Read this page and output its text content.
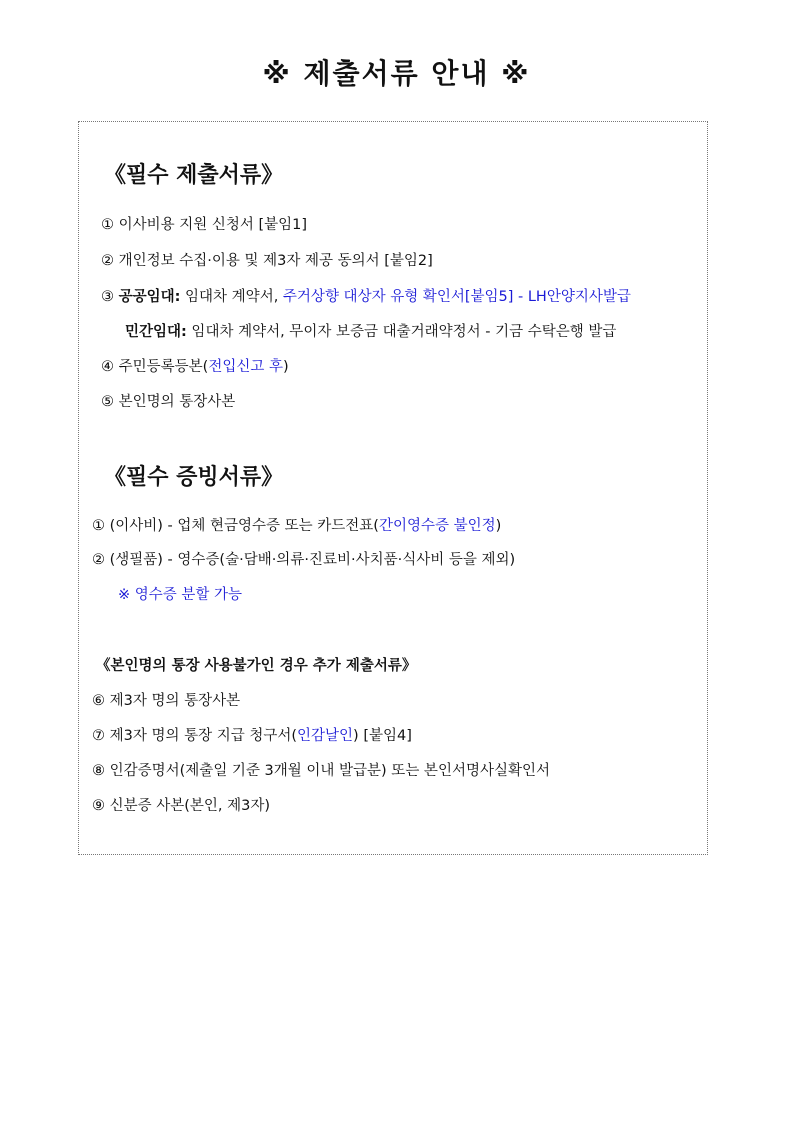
※ 제출서류 안내 ※
《필수 제출서류》
① 이사비용 지원 신청서 [붙임1]
② 개인정보 수집·이용 및 제3자 제공 동의서 [붙임2]
③ 공공임대: 임대차 계약서, 주거상향 대상자 유형 확인서[붙임5] - LH안양지사발급
민간임대: 임대차 계약서, 무이자 보증금 대출거래약정서 - 기금 수탁은행 발급
④ 주민등록등본(전입신고 후)
⑤ 본인명의 통장사본
《필수 증빙서류》
① (이사비) - 업체 현금영수증 또는 카드전표(간이영수증 불인정)
② (생필품) - 영수증(술·담배·의류·진료비·사치품·식사비 등을 제외)
※ 영수증 분할 가능
《본인명의 통장 사용불가인 경우 추가 제출서류》
⑥ 제3자 명의 통장사본
⑦ 제3자 명의 통장 지급 청구서(인감날인) [붙임4]
⑧ 인감증명서(제출일 기준 3개월 이내 발급분) 또는 본인서명사실확인서
⑨ 신분증 사본(본인, 제3자)
